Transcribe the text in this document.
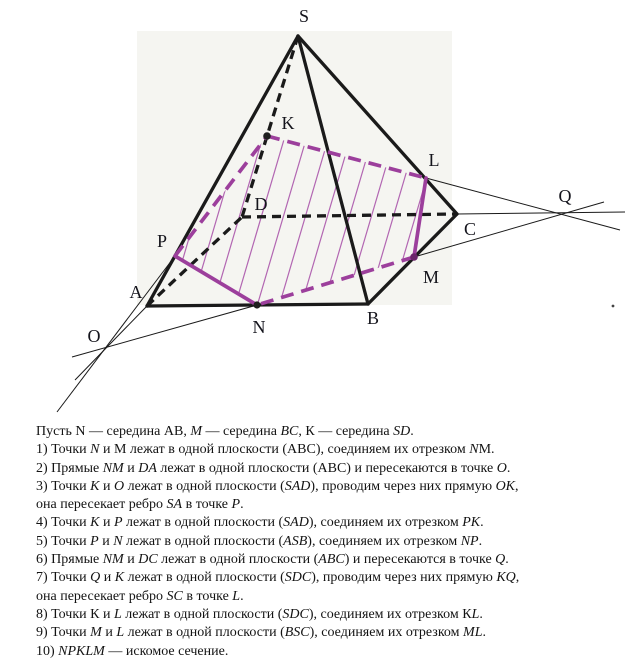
S
K
L
Q
D
C
P
M
A
B
N
O
Пусть N — середина AB, M — середина BC, К — середина SD.
1) Точки N и M лежат в одной плоскости (ABC), соединяем их отрезком NM.
2) Прямые NM и DA лежат в одной плоскости (ABC) и пересекаются в точке O.
3) Точки K и O лежат в одной плоскости (SAD), проводим через них прямую OK,
она пересекает ребро SA в точке P.
4) Точки K и P лежат в одной плоскости (SAD), соединяем их отрезком PK.
5) Точки P и N лежат в одной плоскости (ASB), соединяем их отрезком NP.
6) Прямые NM и DC лежат в одной плоскости (ABC) и пересекаются в точке Q.
7) Точки Q и K лежат в одной плоскости (SDC), проводим через них прямую KQ,
она пересекает ребро SC в точке L.
8) Точки К и L лежат в одной плоскости (SDC), соединяем их отрезком КL.
9) Точки M и L лежат в одной плоскости (BSC), соединяем их отрезком ML.
10) NPKLM — искомое сечение.
